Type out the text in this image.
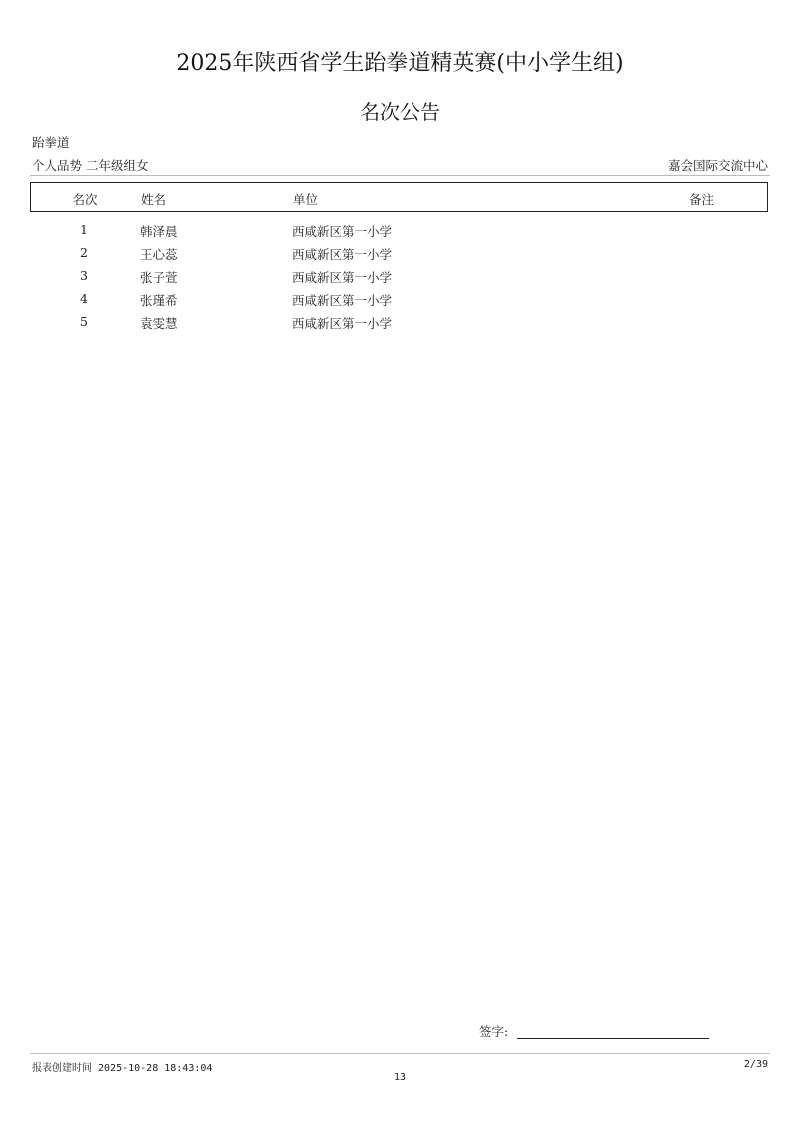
2025年陕西省学生跆拳道精英赛(中小学生组)
名次公告
跆拳道
个人品势 二年级组女	嘉会国际交流中心
名次	姓名	单位	备注
1	韩泽晨	西咸新区第一小学
2	王心蕊	西咸新区第一小学
3	张子萱	西咸新区第一小学
4	张瑾希	西咸新区第一小学
5	袁雯慧	西咸新区第一小学
签字:
报表创建时间 2025-10-28 18:43:04	2/39
13
